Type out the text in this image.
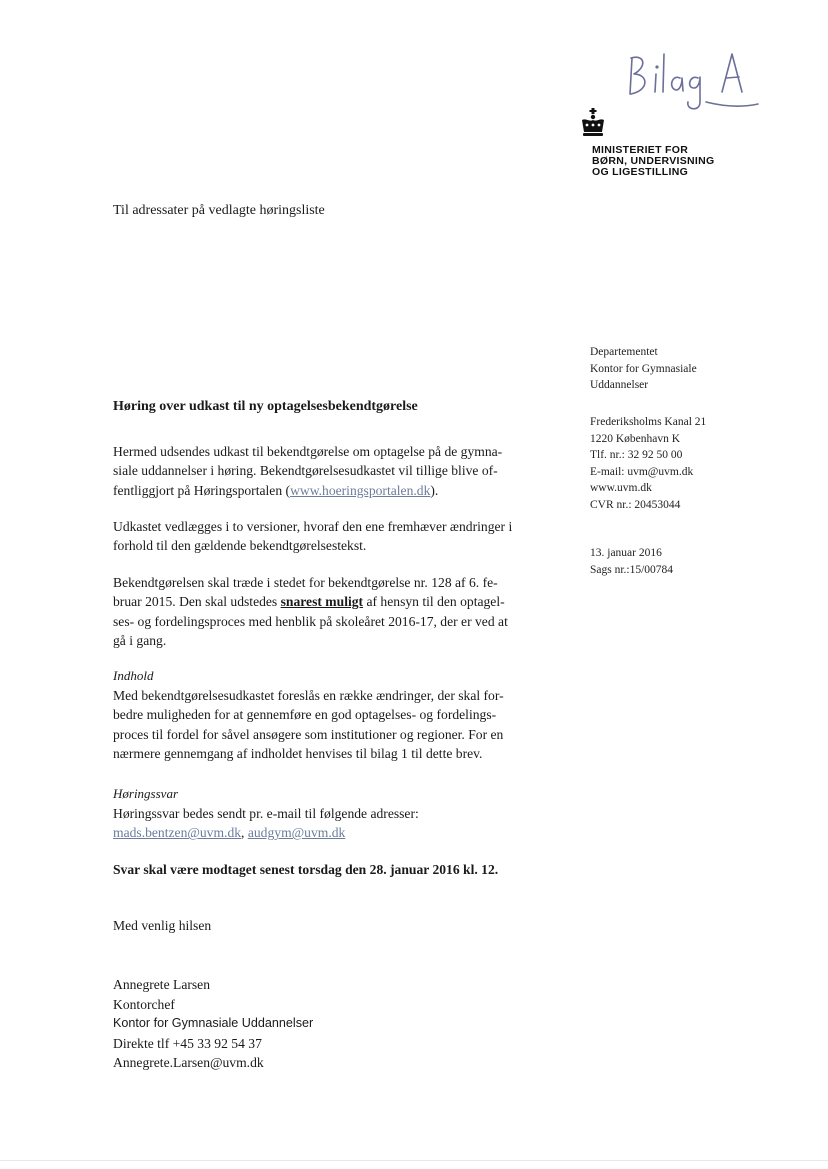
MINISTERIET FOR
BØRN, UNDERVISNING
OG LIGESTILLING
Til adressater på vedlagte høringsliste
Departementet
Kontor for Gymnasiale
Uddannelser
Frederiksholms Kanal 21
1220 København K
Tlf. nr.: 32 92 50 00
E-mail: uvm@uvm.dk
www.uvm.dk
CVR nr.: 20453044
13. januar 2016
Sags nr.:15/00784
Høring over udkast til ny optagelsesbekendtgørelse
Hermed udsendes udkast til bekendtgørelse om optagelse på de gymna-
siale uddannelser i høring. Bekendtgørelsesudkastet vil tillige blive of-
fentliggjort på Høringsportalen (www.hoeringsportalen.dk).
Udkastet vedlægges i to versioner, hvoraf den ene fremhæver ændringer i
forhold til den gældende bekendtgørelsestekst.
Bekendtgørelsen skal træde i stedet for bekendtgørelse nr. 128 af 6. fe-
bruar 2015. Den skal udstedes snarest muligt af hensyn til den optagel-
ses- og fordelingsproces med henblik på skoleåret 2016-17, der er ved at
gå i gang.
Indhold
Med bekendtgørelsesudkastet foreslås en række ændringer, der skal for-
bedre muligheden for at gennemføre en god optagelses- og fordelings-
proces til fordel for såvel ansøgere som institutioner og regioner. For en
nærmere gennemgang af indholdet henvises til bilag 1 til dette brev.
Høringssvar
Høringssvar bedes sendt pr. e-mail til følgende adresser:
mads.bentzen@uvm.dk, audgym@uvm.dk
Svar skal være modtaget senest torsdag den 28. januar 2016 kl. 12.
Med venlig hilsen
Annegrete Larsen
Kontorchef
Kontor for Gymnasiale Uddannelser
Direkte tlf +45 33 92 54 37
Annegrete.Larsen@uvm.dk
